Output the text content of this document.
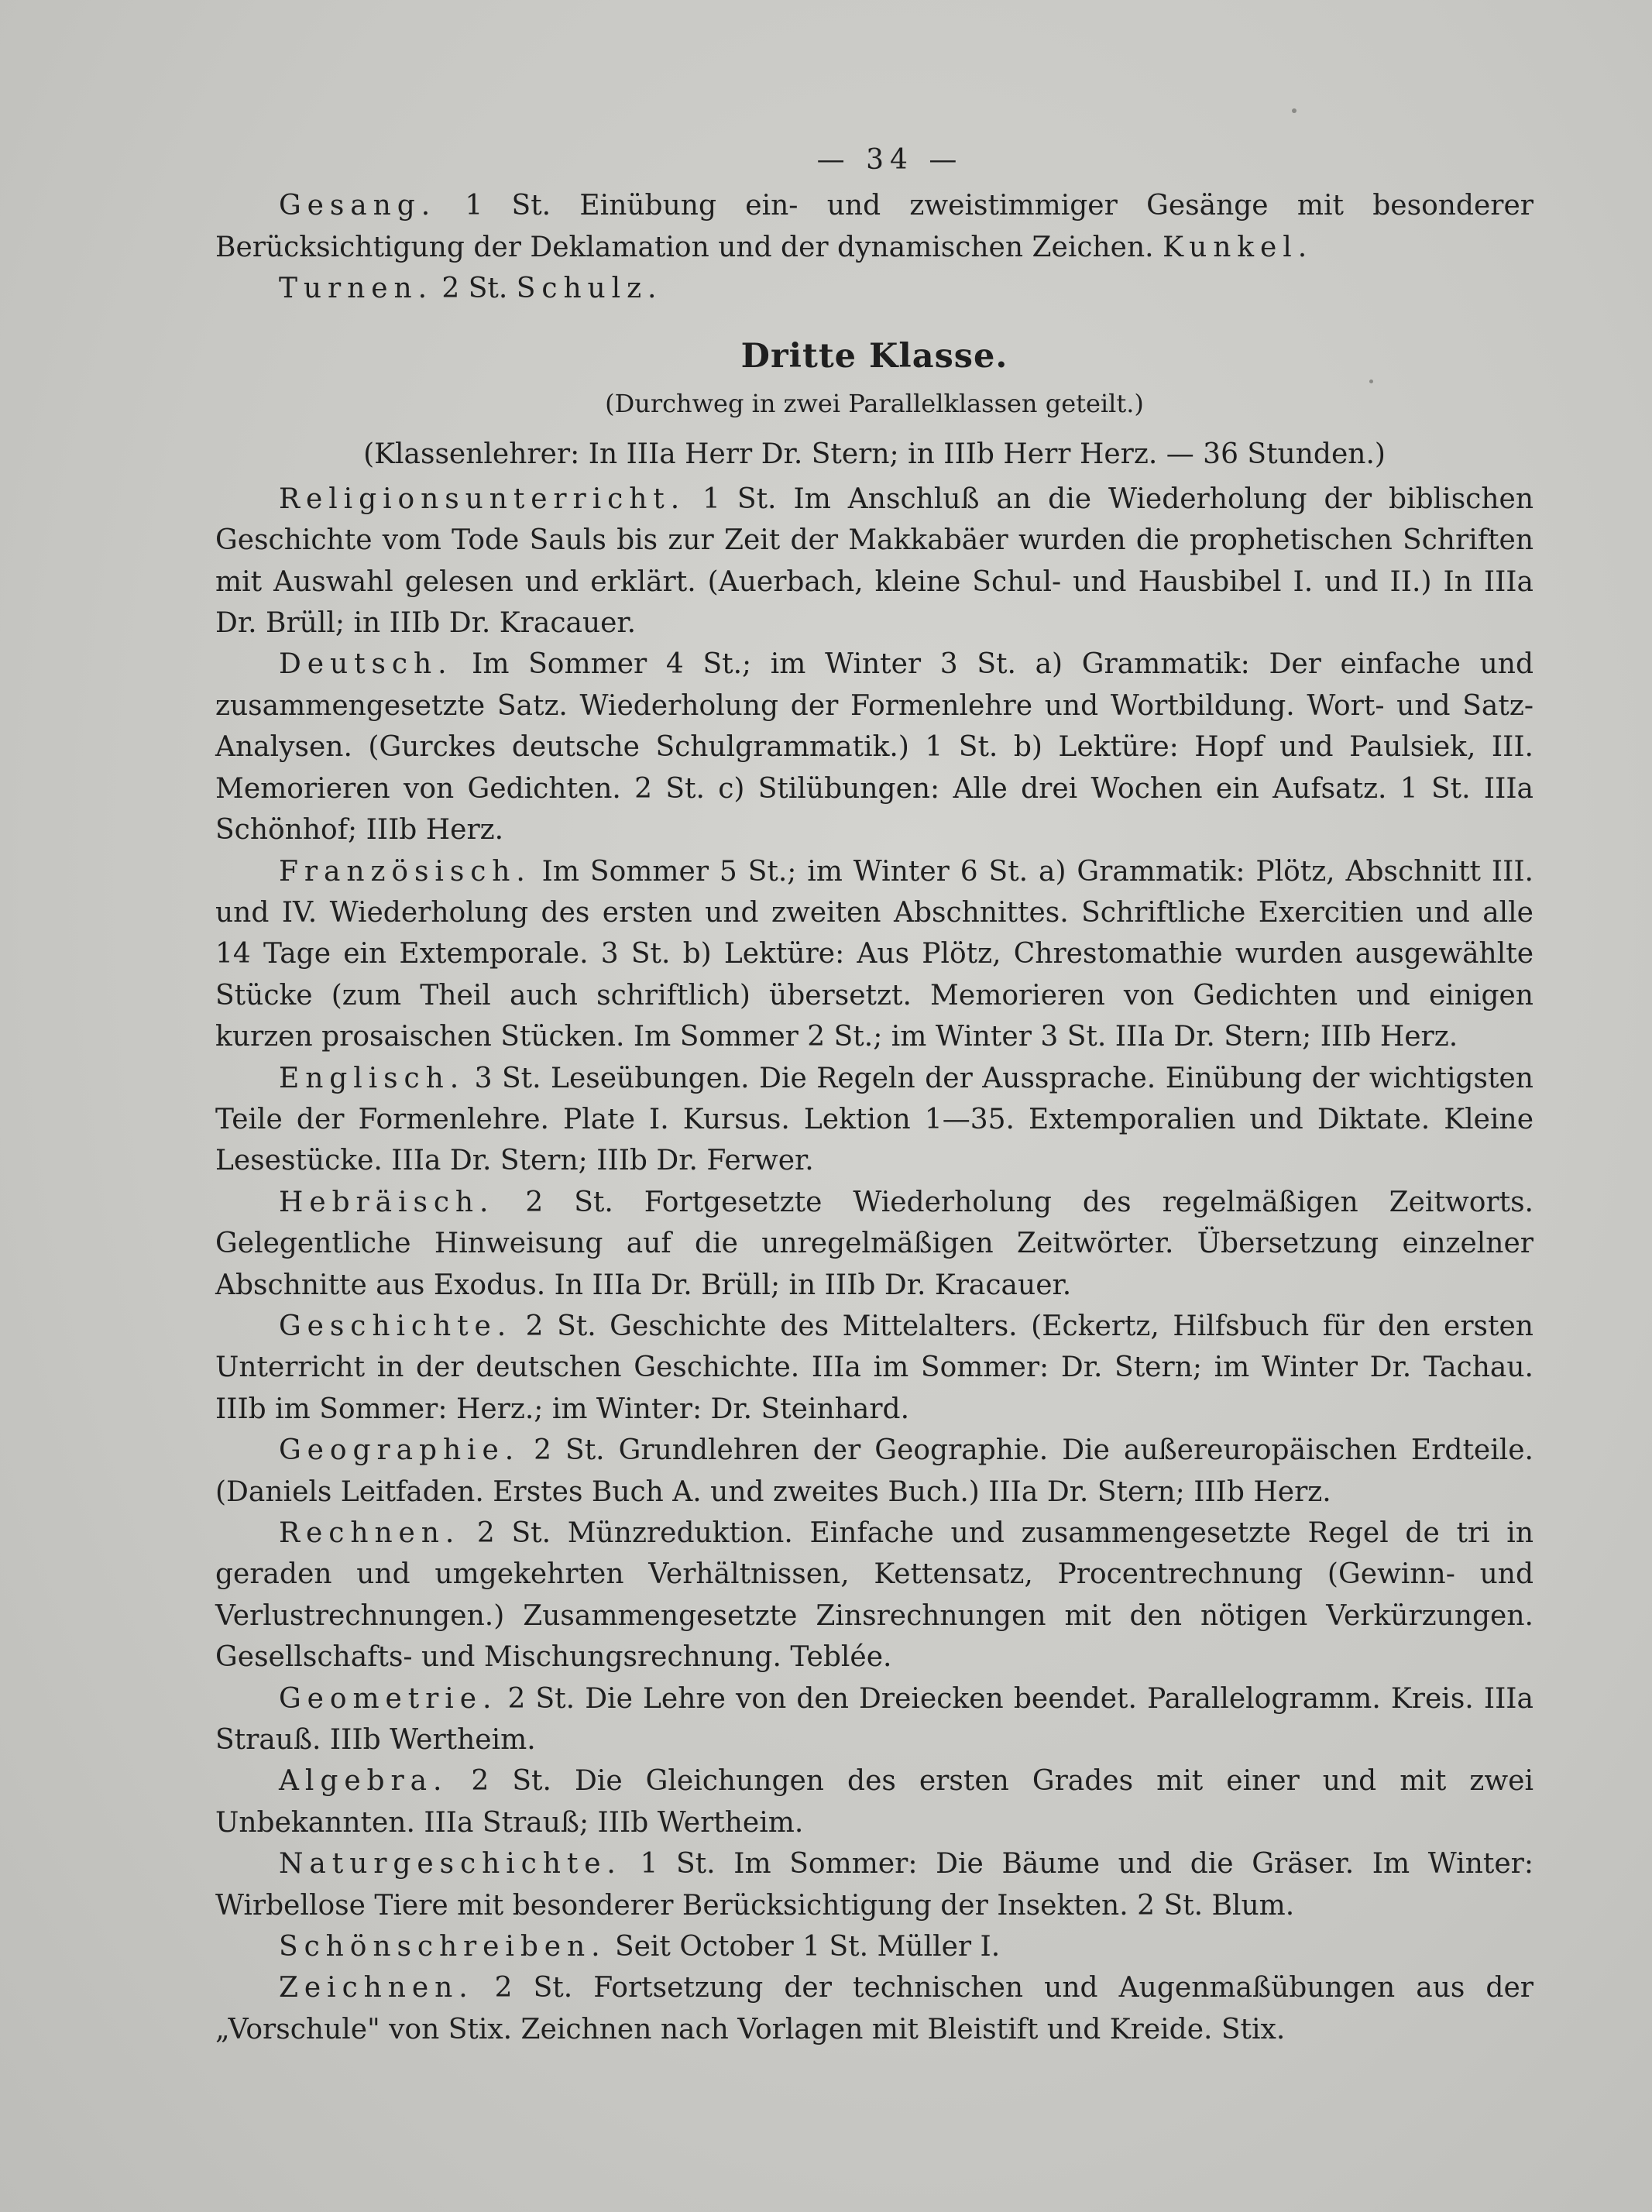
— 34 —

Gesang. 1 St. Einübung ein- und zweistimmiger Gesänge mit besonderer Berücksichtigung der Deklamation und der dynamischen Zeichen. Kunkel.

Turnen. 2 St. Schulz.

Dritte Klasse.
(Durchweg in zwei Parallelklassen geteilt.)
(Klassenlehrer: In IIIa Herr Dr. Stern; in IIIb Herr Herz. — 36 Stunden.)

Religionsunterricht. 1 St. Im Anschluß an die Wiederholung der biblischen Geschichte vom Tode Sauls bis zur Zeit der Makkabäer wurden die prophetischen Schriften mit Auswahl gelesen und erklärt. (Auerbach, kleine Schul- und Hausbibel I. und II.) In IIIa Dr. Brüll; in IIIb Dr. Kracauer.

Deutsch. Im Sommer 4 St.; im Winter 3 St. a) Grammatik: Der einfache und zusammengesetzte Satz. Wiederholung der Formenlehre und Wortbildung. Wort- und Satz-Analysen. (Gurckes deutsche Schulgrammatik.) 1 St. b) Lektüre: Hopf und Paulsiek, III. Memorieren von Gedichten. 2 St. c) Stilübungen: Alle drei Wochen ein Aufsatz. 1 St. IIIa Schönhof; IIIb Herz.

Französisch. Im Sommer 5 St.; im Winter 6 St. a) Grammatik: Plötz, Abschnitt III. und IV. Wiederholung des ersten und zweiten Abschnittes. Schriftliche Exercitien und alle 14 Tage ein Extemporale. 3 St. b) Lektüre: Aus Plötz, Chrestomathie wurden ausgewählte Stücke (zum Theil auch schriftlich) übersetzt. Memorieren von Gedichten und einigen kurzen prosaischen Stücken. Im Sommer 2 St.; im Winter 3 St. IIIa Dr. Stern; IIIb Herz.

Englisch. 3 St. Leseübungen. Die Regeln der Aussprache. Einübung der wichtigsten Teile der Formenlehre. Plate I. Kursus. Lektion 1—35. Extemporalien und Diktate. Kleine Lesestücke. IIIa Dr. Stern; IIIb Dr. Ferwer.

Hebräisch. 2 St. Fortgesetzte Wiederholung des regelmäßigen Zeitworts. Gelegentliche Hinweisung auf die unregelmäßigen Zeitwörter. Übersetzung einzelner Abschnitte aus Exodus. In IIIa Dr. Brüll; in IIIb Dr. Kracauer.

Geschichte. 2 St. Geschichte des Mittelalters. (Eckertz, Hilfsbuch für den ersten Unterricht in der deutschen Geschichte. IIIa im Sommer: Dr. Stern; im Winter Dr. Tachau. IIIb im Sommer: Herz.; im Winter: Dr. Steinhard.

Geographie. 2 St. Grundlehren der Geographie. Die außereuropäischen Erdteile. (Daniels Leitfaden. Erstes Buch A. und zweites Buch.) IIIa Dr. Stern; IIIb Herz.

Rechnen. 2 St. Münzreduktion. Einfache und zusammengesetzte Regel de tri in geraden und umgekehrten Verhältnissen, Kettensatz, Procentrechnung (Gewinn- und Verlustrechnungen.) Zusammengesetzte Zinsrechnungen mit den nötigen Verkürzungen. Gesellschafts- und Mischungsrechnung. Teblée.

Geometrie. 2 St. Die Lehre von den Dreiecken beendet. Parallelogramm. Kreis. IIIa Strauß. IIIb Wertheim.

Algebra. 2 St. Die Gleichungen des ersten Grades mit einer und mit zwei Unbekannten. IIIa Strauß; IIIb Wertheim.

Naturgeschichte. 1 St. Im Sommer: Die Bäume und die Gräser. Im Winter: Wirbellose Tiere mit besonderer Berücksichtigung der Insekten. 2 St. Blum.

Schönschreiben. Seit October 1 St. Müller I.

Zeichnen. 2 St. Fortsetzung der technischen und Augenmaßübungen aus der „Vorschule" von Stix. Zeichnen nach Vorlagen mit Bleistift und Kreide. Stix.
